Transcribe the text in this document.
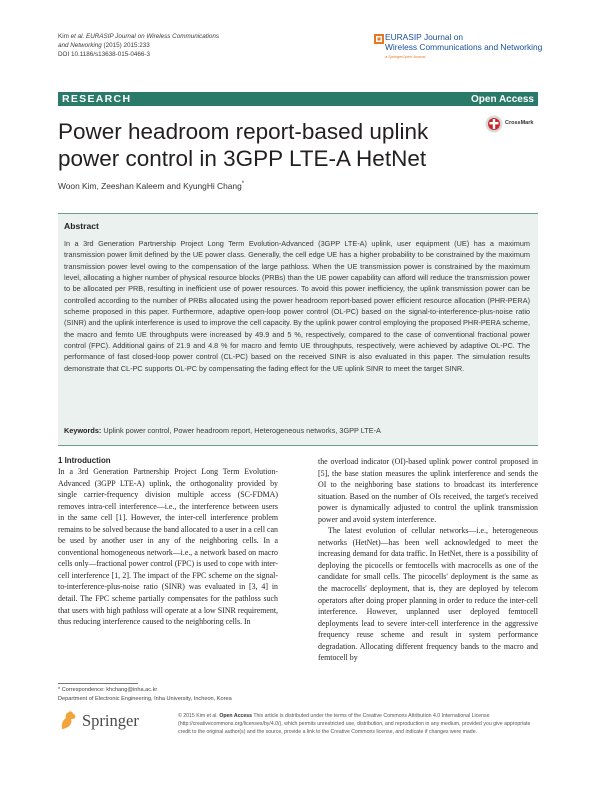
Kim et al. EURASIP Journal on Wireless Communications
and Networking (2015) 2015:233
DOI 10.1186/s13638-015-0466-3
EURASIP Journal on
Wireless Communications and Networking
a SpringerOpen Journal
RESEARCH	Open Access
Power headroom report-based uplink
power control in 3GPP LTE-A HetNet
CrossMark
Woon Kim, Zeeshan Kaleem and KyungHi Chang*
Abstract
In a 3rd Generation Partnership Project Long Term Evolution-Advanced (3GPP LTE-A) uplink, user equipment (UE) has a maximum transmission power limit defined by the UE power class. Generally, the cell edge UE has a higher probability to be constrained by the maximum transmission power level owing to the compensation of the large pathloss. When the UE transmission power is constrained by the maximum level, allocating a higher number of physical resource blocks (PRBs) than the UE power capability can afford will reduce the transmission power to be allocated per PRB, resulting in inefficient use of power resources. To avoid this power inefficiency, the uplink transmission power can be controlled according to the number of PRBs allocated using the power headroom report-based power efficient resource allocation (PHR-PERA) scheme proposed in this paper. Furthermore, adaptive open-loop power control (OL-PC) based on the signal-to-interference-plus-noise ratio (SINR) and the uplink interference is used to improve the cell capacity. By the uplink power control employing the proposed PHR-PERA scheme, the macro and femto UE throughputs were increased by 49.9 and 5 %, respectively, compared to the case of conventional fractional power control (FPC). Additional gains of 21.9 and 4.8 % for macro and femto UE throughputs, respectively, were achieved by adaptive OL-PC. The performance of fast closed-loop power control (CL-PC) based on the received SINR is also evaluated in this paper. The simulation results demonstrate that CL-PC supports OL-PC by compensating the fading effect for the UE uplink SINR to meet the target SINR.
Keywords: Uplink power control, Power headroom report, Heterogeneous networks, 3GPP LTE-A
1 Introduction
In a 3rd Generation Partnership Project Long Term Evolution-Advanced (3GPP LTE-A) uplink, the orthogonality provided by single carrier-frequency division multiple access (SC-FDMA) removes intra-cell interference—i.e., the interference between users in the same cell [1]. However, the inter-cell interference problem remains to be solved because the band allocated to a user in a cell can be used by another user in any of the neighboring cells. In a conventional homogeneous network—i.e., a network based on macro cells only—fractional power control (FPC) is used to cope with inter-cell interference [1, 2]. The impact of the FPC scheme on the signal-to-interference-plus-noise ratio (SINR) was evaluated in [3, 4] in detail. The FPC scheme partially compensates for the pathloss such that users with high pathloss will operate at a low SINR requirement, thus reducing interference caused to the neighboring cells. In
the overload indicator (OI)-based uplink power control proposed in [5], the base station measures the uplink interference and sends the OI to the neighboring base stations to broadcast its interference situation. Based on the number of OIs received, the target's received power is dynamically adjusted to control the uplink transmission power and avoid system interference.
The latest evolution of cellular networks—i.e., heterogeneous networks (HetNet)—has been well acknowledged to meet the increasing demand for data traffic. In HetNet, there is a possibility of deploying the picocells or femtocells with macrocells as one of the candidate for small cells. The picocells' deployment is the same as the macrocells' deployment, that is, they are deployed by telecom operators after doing proper planning in order to reduce the inter-cell interference. However, unplanned user deployed femtocell deployments lead to severe inter-cell interference in the aggressive frequency reuse scheme and result in system performance degradation. Allocating different frequency bands to the macro and femtocell by
* Correspondence: khchang@inha.ac.kr
Department of Electronic Engineering, Inha University, Incheon, Korea
Springer	© 2015 Kim et al. Open Access This article is distributed under the terms of the Creative Commons Attribution 4.0 International License (http://creativecommons.org/licenses/by/4.0/), which permits unrestricted use, distribution, and reproduction in any medium, provided you give appropriate credit to the original author(s) and the source, provide a link to the Creative Commons license, and indicate if changes were made.
